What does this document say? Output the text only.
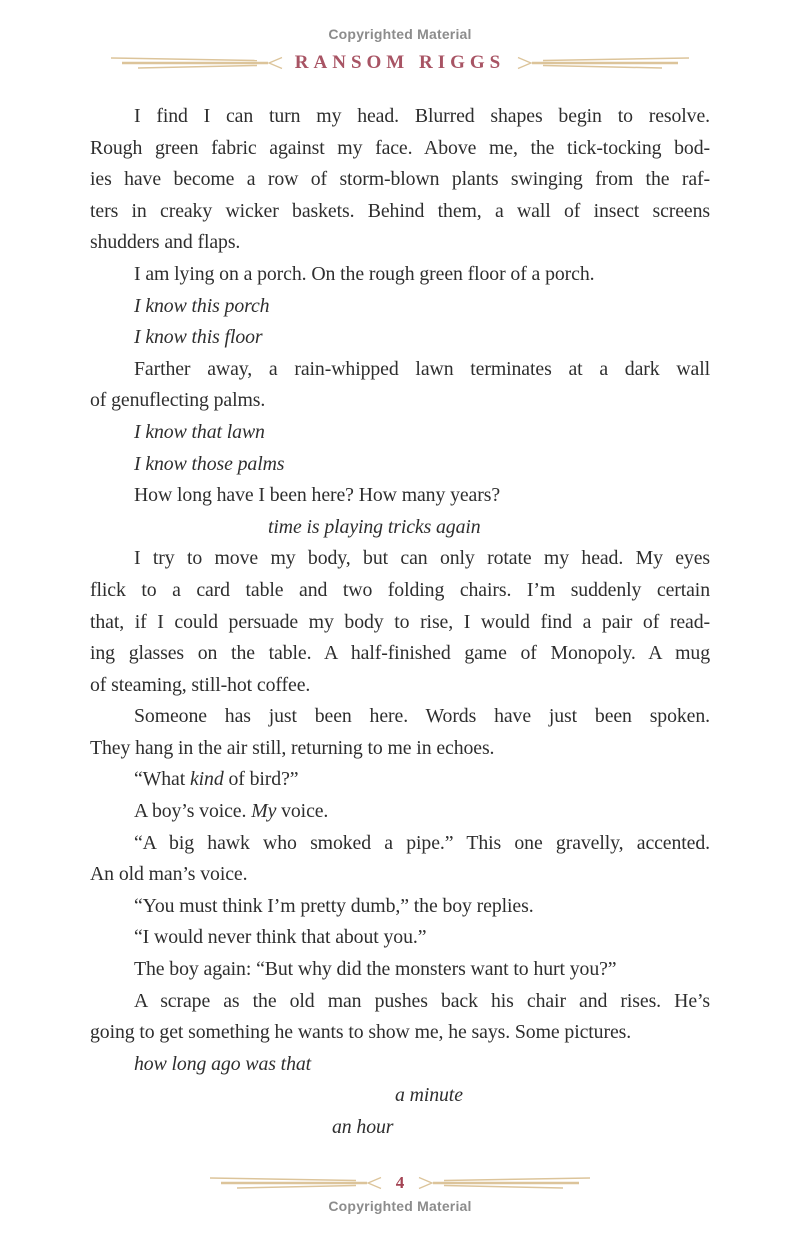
Copyrighted Material
RANSOM RIGGS
I find I can turn my head. Blurred shapes begin to resolve.
Rough green fabric against my face. Above me, the tick-tocking bod-
ies have become a row of storm-blown plants swinging from the raf-
ters in creaky wicker baskets. Behind them, a wall of insect screens
shudders and flaps.
I am lying on a porch. On the rough green floor of a porch.
I know this porch
I know this floor
Farther away, a rain-whipped lawn terminates at a dark wall
of genuflecting palms.
I know that lawn
I know those palms
How long have I been here? How many years?
time is playing tricks again
I try to move my body, but can only rotate my head. My eyes
flick to a card table and two folding chairs. I’m suddenly certain
that, if I could persuade my body to rise, I would find a pair of read-
ing glasses on the table. A half-finished game of Monopoly. A mug
of steaming, still-hot coffee.
Someone has just been here. Words have just been spoken.
They hang in the air still, returning to me in echoes.
“What kind of bird?”
A boy’s voice. My voice.
“A big hawk who smoked a pipe.” This one gravelly, accented.
An old man’s voice.
“You must think I’m pretty dumb,” the boy replies.
“I would never think that about you.”
The boy again: “But why did the monsters want to hurt you?”
A scrape as the old man pushes back his chair and rises. He’s
going to get something he wants to show me, he says. Some pictures.
how long ago was that
a minute
an hour
4
Copyrighted Material
